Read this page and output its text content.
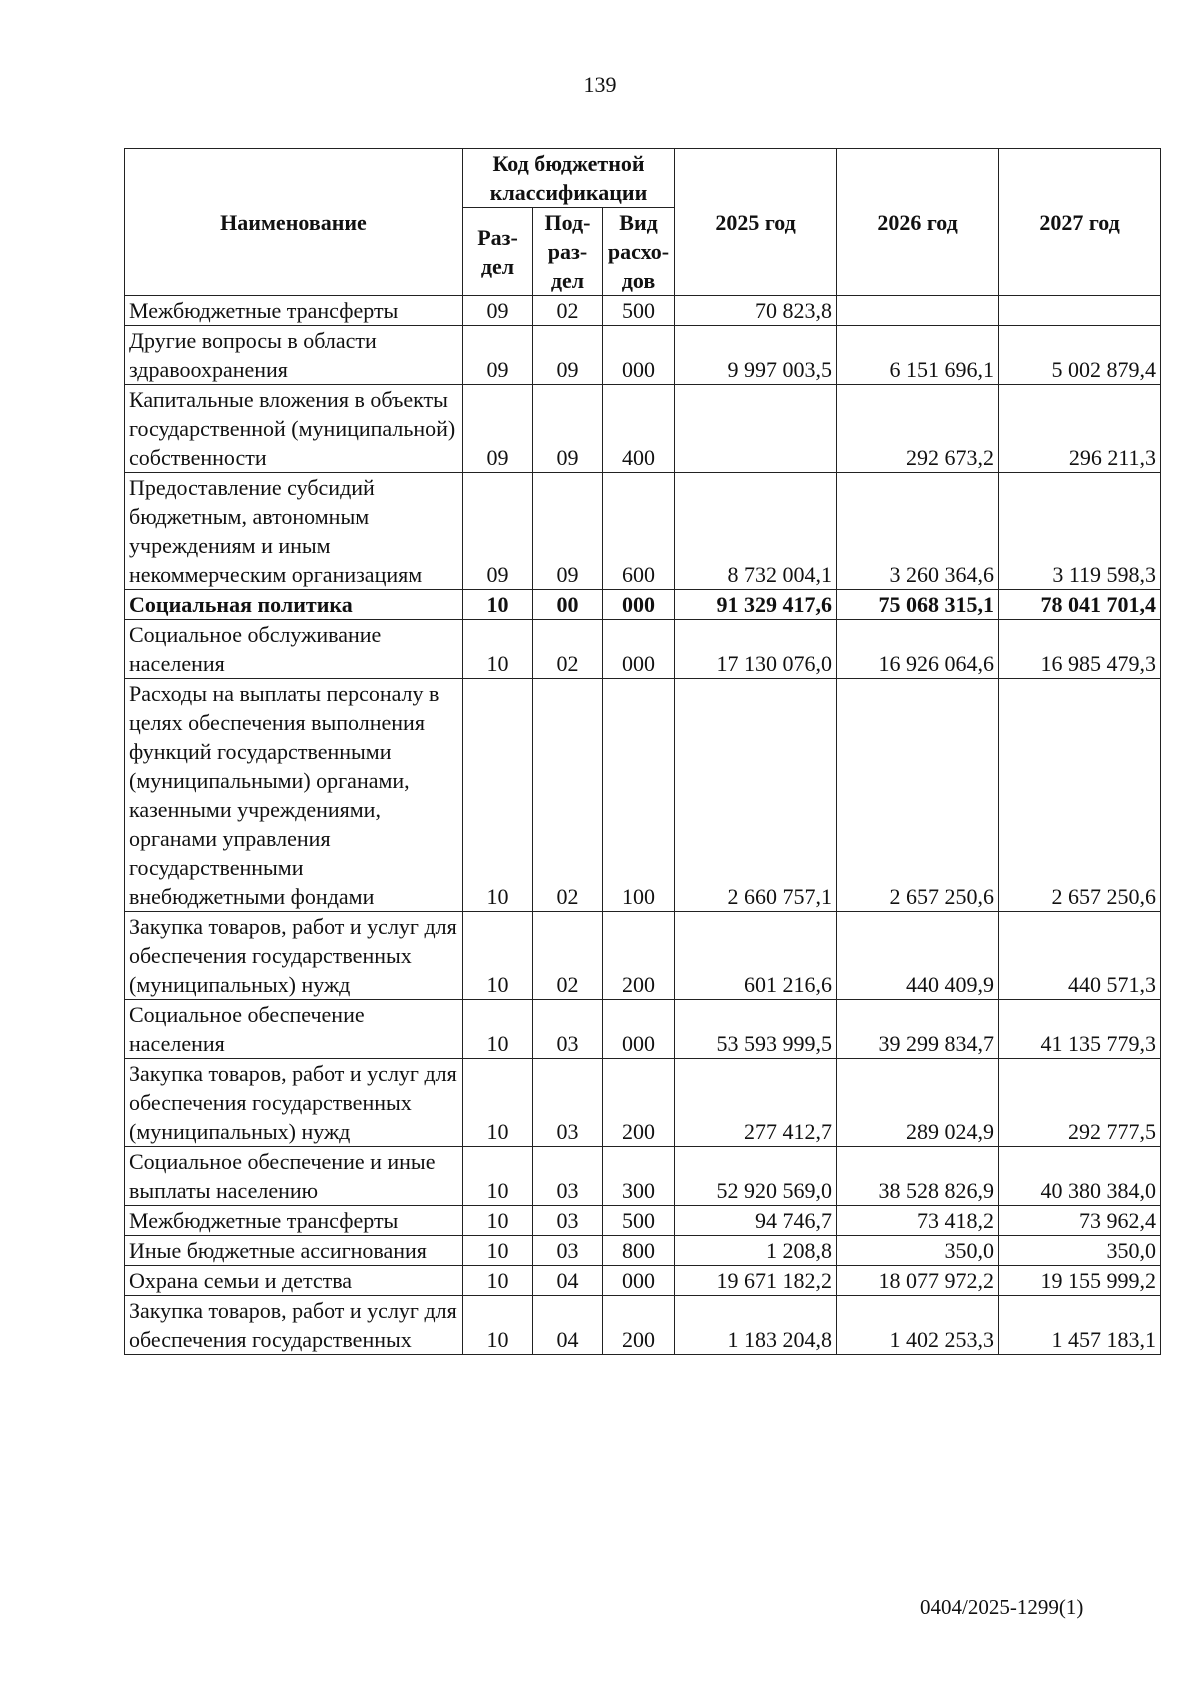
139
Наименование	Код бюджетной классификации			2025 год	2026 год	2027 год
	Раз-дел	Под-раз-дел	Вид расхо-дов			
Межбюджетные трансферты	09	02	500	70 823,8		
Другие вопросы в области здравоохранения	09	09	000	9 997 003,5	6 151 696,1	5 002 879,4
Капитальные вложения в объекты государственной (муниципальной) собственности	09	09	400		292 673,2	296 211,3
Предоставление субсидий бюджетным, автономным учреждениям и иным некоммерческим организациям	09	09	600	8 732 004,1	3 260 364,6	3 119 598,3
Социальная политика	10	00	000	91 329 417,6	75 068 315,1	78 041 701,4
Социальное обслуживание населения	10	02	000	17 130 076,0	16 926 064,6	16 985 479,3
Расходы на выплаты персоналу в целях обеспечения выполнения функций государственными (муниципальными) органами, казенными учреждениями, органами управления государственными внебюджетными фондами	10	02	100	2 660 757,1	2 657 250,6	2 657 250,6
Закупка товаров, работ и услуг для обеспечения государственных (муниципальных) нужд	10	02	200	601 216,6	440 409,9	440 571,3
Социальное обеспечение населения	10	03	000	53 593 999,5	39 299 834,7	41 135 779,3
Закупка товаров, работ и услуг для обеспечения государственных (муниципальных) нужд	10	03	200	277 412,7	289 024,9	292 777,5
Социальное обеспечение и иные выплаты населению	10	03	300	52 920 569,0	38 528 826,9	40 380 384,0
Межбюджетные трансферты	10	03	500	94 746,7	73 418,2	73 962,4
Иные бюджетные ассигнования	10	03	800	1 208,8	350,0	350,0
Охрана семьи и детства	10	04	000	19 671 182,2	18 077 972,2	19 155 999,2
Закупка товаров, работ и услуг для обеспечения государственных	10	04	200	1 183 204,8	1 402 253,3	1 457 183,1
0404/2025-1299(1)
